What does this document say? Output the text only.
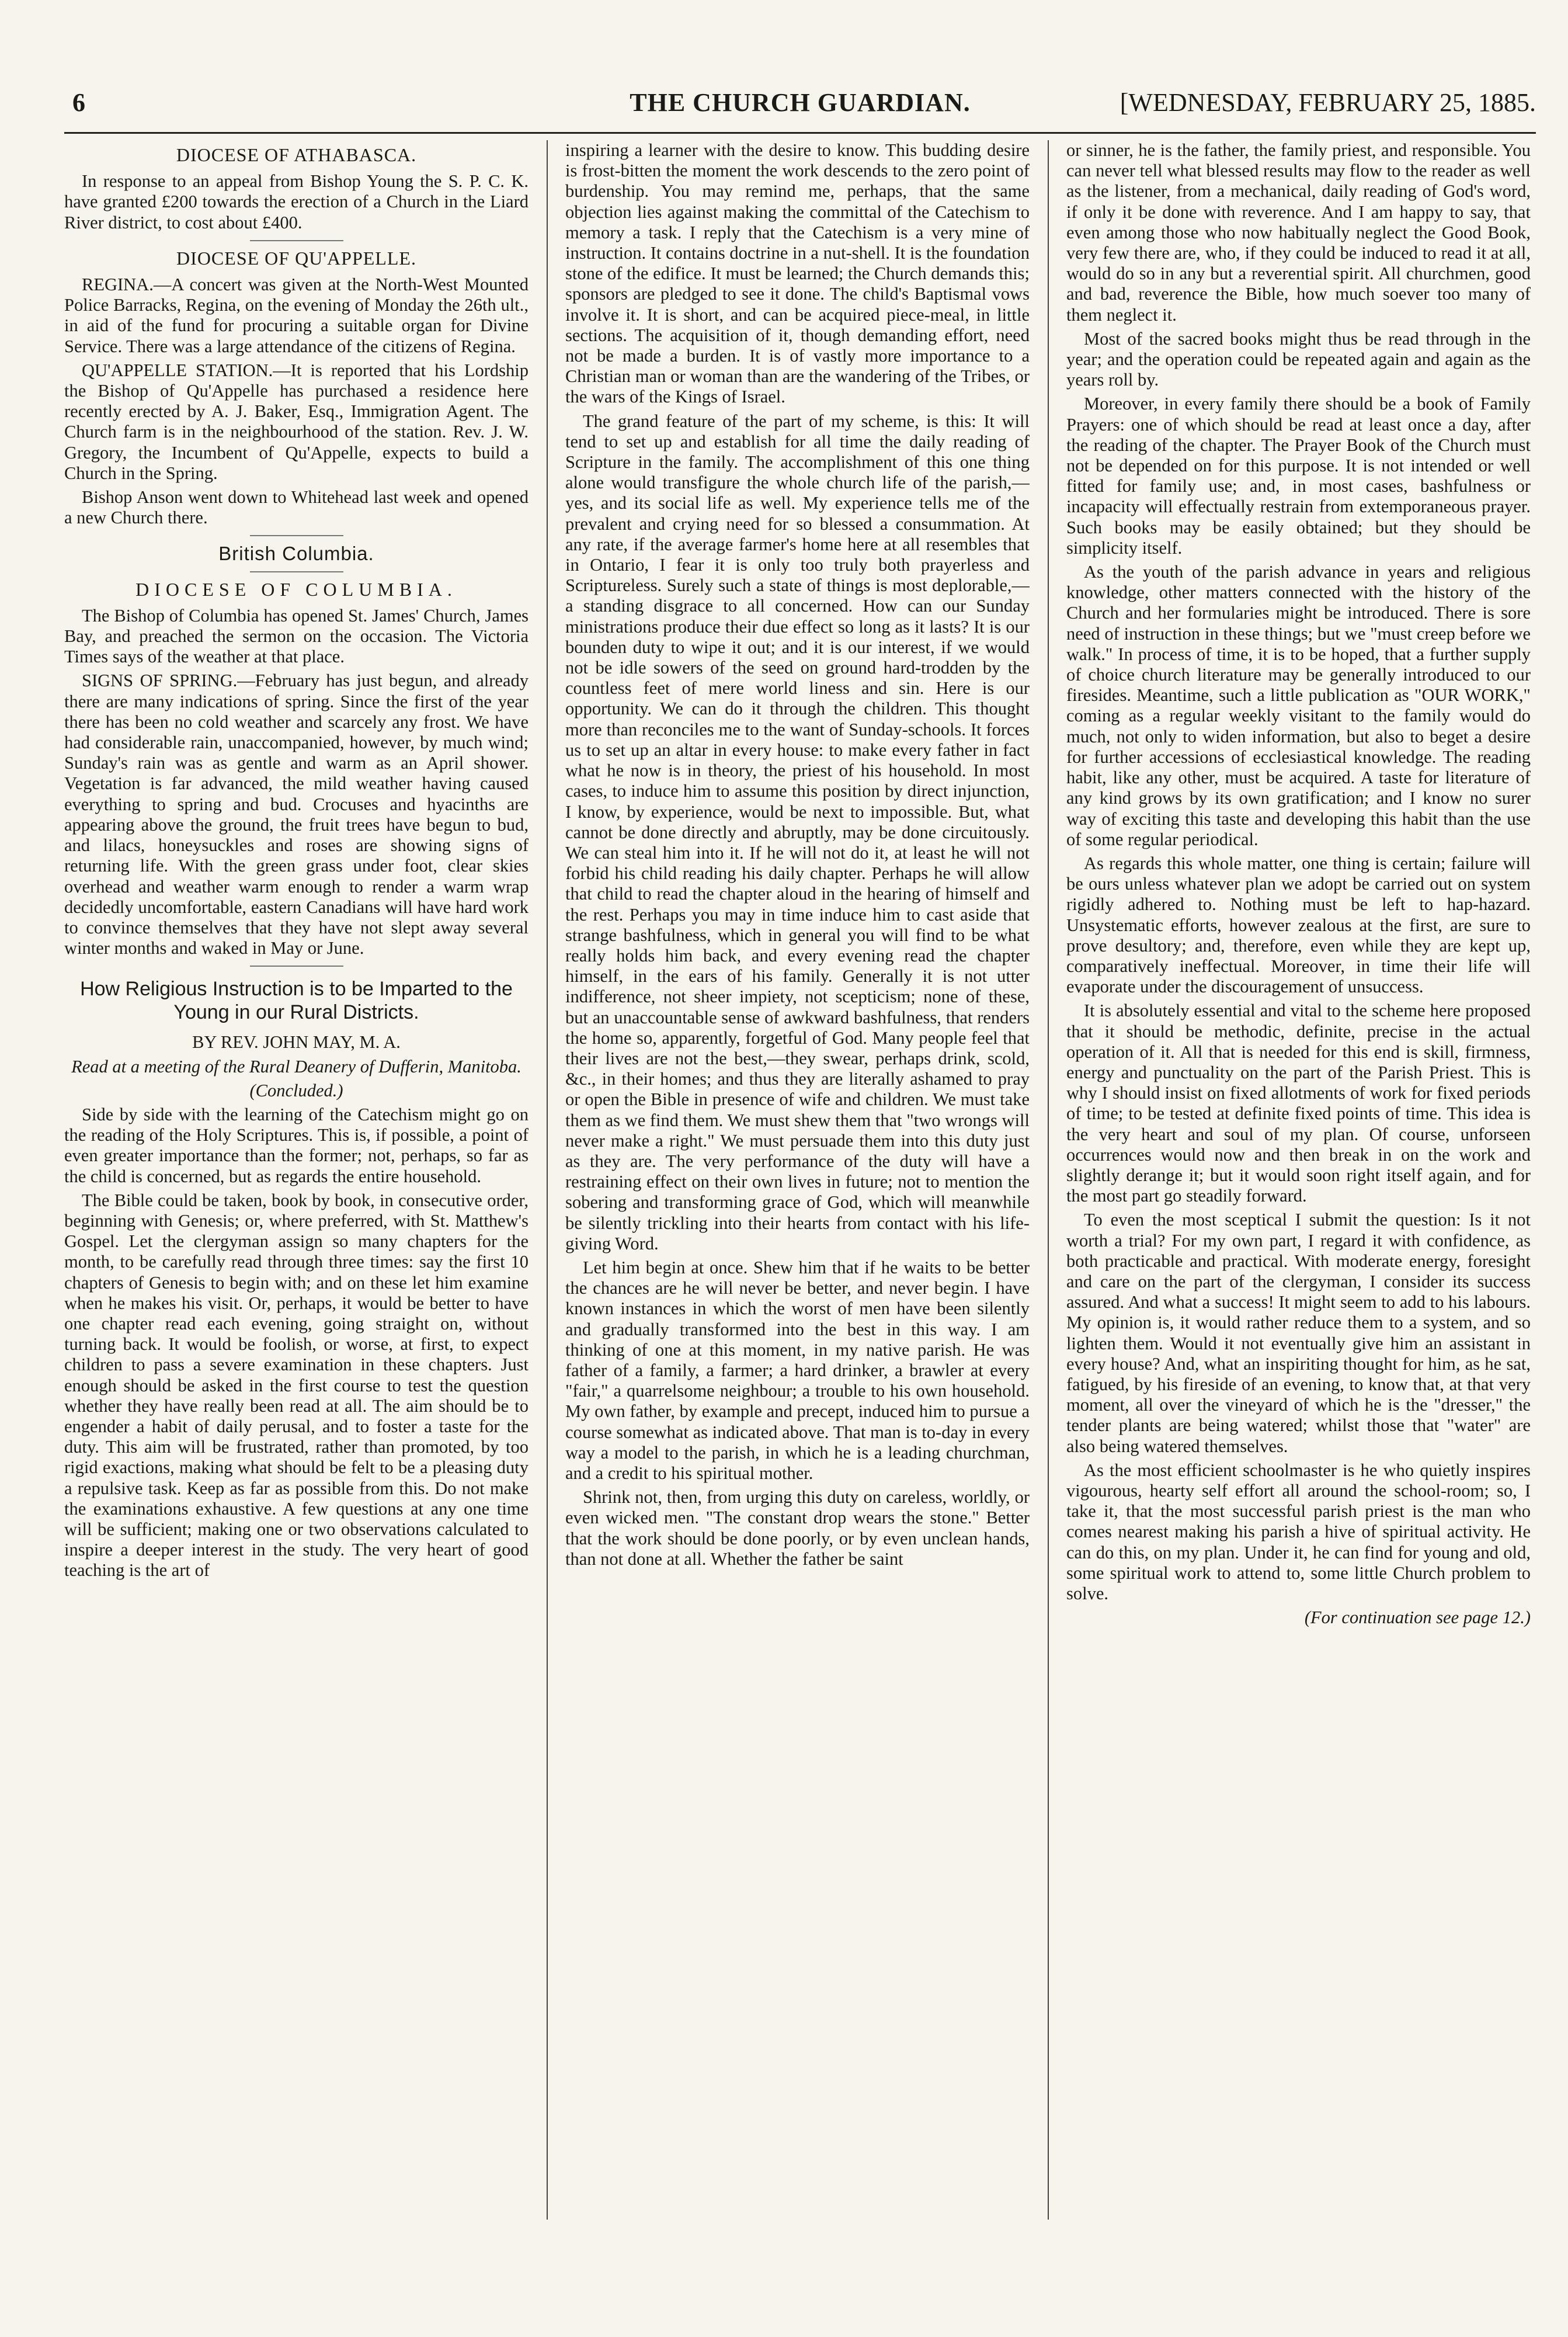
6	THE CHURCH GUARDIAN.	[WEDNESDAY, FEBRUARY 25, 1885.
DIOCESE OF ATHABASCA.

In response to an appeal from Bishop Young the S. P. C. K. have granted £200 towards the erection of a Church in the Liard River district, to cost about £400.

DIOCESE OF QU'APPELLE.

REGINA.—A concert was given at the North-West Mounted Police Barracks, Regina, on the evening of Monday the 26th ult., in aid of the fund for procuring a suitable organ for Divine Service. There was a large attendance of the citizens of Regina.

QU'APPELLE STATION.—It is reported that his Lordship the Bishop of Qu'Appelle has purchased a residence here recently erected by A. J. Baker, Esq., Immigration Agent. The Church farm is in the neighbourhood of the station. Rev. J. W. Gregory, the Incumbent of Qu'Appelle, expects to build a Church in the Spring.

Bishop Anson went down to Whitehead last week and opened a new Church there.

British Columbia.
DIOCESE OF COLUMBIA.

The Bishop of Columbia has opened St. James' Church, James Bay, and preached the sermon on the occasion. The Victoria Times says of the weather at that place.

SIGNS OF SPRING.—February has just begun, and already there are many indications of spring. Since the first of the year there has been no cold weather and scarcely any frost. We have had considerable rain, unaccompanied, however, by much wind; Sunday's rain was as gentle and warm as an April shower. Vegetation is far advanced, the mild weather having caused everything to spring and bud. Crocuses and hyacinths are appearing above the ground, the fruit trees have begun to bud, and lilacs, honeysuckles and roses are showing signs of returning life. With the green grass under foot, clear skies overhead and weather warm enough to render a warm wrap decidedly uncomfortable, eastern Canadians will have hard work to convince themselves that they have not slept away several winter months and waked in May or June.

How Religious Instruction is to be Imparted to the Young in our Rural Districts.

BY REV. JOHN MAY, M. A.

Read at a meeting of the Rural Deanery of Dufferin, Manitoba.

(Concluded.)

Side by side with the learning of the Catechism might go on the reading of the Holy Scriptures. This is, if possible, a point of even greater importance than the former; not, perhaps, so far as the child is concerned, but as regards the entire household.

The Bible could be taken, book by book, in consecutive order, beginning with Genesis; or, where preferred, with St. Matthew's Gospel. Let the clergyman assign so many chapters for the month, to be carefully read through three times: say the first 10 chapters of Genesis to begin with; and on these let him examine when he makes his visit. Or, perhaps, it would be better to have one chapter read each evening, going straight on, without turning back. It would be foolish, or worse, at first, to expect children to pass a severe examination in these chapters. Just enough should be asked in the first course to test the question whether they have really been read at all. The aim should be to engender a habit of daily perusal, and to foster a taste for the duty. This aim will be frustrated, rather than promoted, by too rigid exactions, making what should be felt to be a pleasing duty a repulsive task. Keep as far as possible from this. Do not make the examinations exhaustive. A few questions at any one time will be sufficient; making one or two observations calculated to inspire a deeper interest in the study. The very heart of good teaching is the art of

inspiring a learner with the desire to know. This budding desire is frost-bitten the moment the work descends to the zero point of burdenship. You may remind me, perhaps, that the same objection lies against making the committal of the Catechism to memory a task. I reply that the Catechism is a very mine of instruction. It contains doctrine in a nut-shell. It is the foundation stone of the edifice. It must be learned; the Church demands this; sponsors are pledged to see it done. The child's Baptismal vows involve it. It is short, and can be acquired piece-meal, in little sections. The acquisition of it, though demanding effort, need not be made a burden. It is of vastly more importance to a Christian man or woman than are the wandering of the Tribes, or the wars of the Kings of Israel.

The grand feature of the part of my scheme, is this: It will tend to set up and establish for all time the daily reading of Scripture in the family. The accomplishment of this one thing alone would transfigure the whole church life of the parish,—yes, and its social life as well. My experience tells me of the prevalent and crying need for so blessed a consummation. At any rate, if the average farmer's home here at all resembles that in Ontario, I fear it is only too truly both prayerless and Scriptureless. Surely such a state of things is most deplorable,—a standing disgrace to all concerned. How can our Sunday ministrations produce their due effect so long as it lasts? It is our bounden duty to wipe it out; and it is our interest, if we would not be idle sowers of the seed on ground hard-trodden by the countless feet of mere world liness and sin. Here is our opportunity. We can do it through the children. This thought more than reconciles me to the want of Sunday-schools. It forces us to set up an altar in every house: to make every father in fact what he now is in theory, the priest of his household. In most cases, to induce him to assume this position by direct injunction, I know, by experience, would be next to impossible. But, what cannot be done directly and abruptly, may be done circuitously. We can steal him into it. If he will not do it, at least he will not forbid his child reading his daily chapter. Perhaps he will allow that child to read the chapter aloud in the hearing of himself and the rest. Perhaps you may in time induce him to cast aside that strange bashfulness, which in general you will find to be what really holds him back, and every evening read the chapter himself, in the ears of his family. Generally it is not utter indifference, not sheer impiety, not scepticism; none of these, but an unaccountable sense of awkward bashfulness, that renders the home so, apparently, forgetful of God. Many people feel that their lives are not the best,—they swear, perhaps drink, scold, &c., in their homes; and thus they are literally ashamed to pray or open the Bible in presence of wife and children. We must take them as we find them. We must shew them that "two wrongs will never make a right." We must persuade them into this duty just as they are. The very performance of the duty will have a restraining effect on their own lives in future; not to mention the sobering and transforming grace of God, which will meanwhile be silently trickling into their hearts from contact with his life-giving Word.

Let him begin at once. Shew him that if he waits to be better the chances are he will never be better, and never begin. I have known instances in which the worst of men have been silently and gradually transformed into the best in this way. I am thinking of one at this moment, in my native parish. He was father of a family, a farmer; a hard drinker, a brawler at every "fair," a quarrelsome neighbour; a trouble to his own household. My own father, by example and precept, induced him to pursue a course somewhat as indicated above. That man is to-day in every way a model to the parish, in which he is a leading churchman, and a credit to his spiritual mother.

Shrink not, then, from urging this duty on careless, worldly, or even wicked men. "The constant drop wears the stone." Better that the work should be done poorly, or by even unclean hands, than not done at all. Whether the father be saint

or sinner, he is the father, the family priest, and responsible. You can never tell what blessed results may flow to the reader as well as the listener, from a mechanical, daily reading of God's word, if only it be done with reverence. And I am happy to say, that even among those who now habitually neglect the Good Book, very few there are, who, if they could be induced to read it at all, would do so in any but a reverential spirit. All churchmen, good and bad, reverence the Bible, how much soever too many of them neglect it.

Most of the sacred books might thus be read through in the year; and the operation could be repeated again and again as the years roll by.

Moreover, in every family there should be a book of Family Prayers: one of which should be read at least once a day, after the reading of the chapter. The Prayer Book of the Church must not be depended on for this purpose. It is not intended or well fitted for family use; and, in most cases, bashfulness or incapacity will effectually restrain from extemporaneous prayer. Such books may be easily obtained; but they should be simplicity itself.

As the youth of the parish advance in years and religious knowledge, other matters connected with the history of the Church and her formularies might be introduced. There is sore need of instruction in these things; but we "must creep before we walk." In process of time, it is to be hoped, that a further supply of choice church literature may be generally introduced to our firesides. Meantime, such a little publication as "OUR WORK," coming as a regular weekly visitant to the family would do much, not only to widen information, but also to beget a desire for further accessions of ecclesiastical knowledge. The reading habit, like any other, must be acquired. A taste for literature of any kind grows by its own gratification; and I know no surer way of exciting this taste and developing this habit than the use of some regular periodical.

As regards this whole matter, one thing is certain; failure will be ours unless whatever plan we adopt be carried out on system rigidly adhered to. Nothing must be left to hap-hazard. Unsystematic efforts, however zealous at the first, are sure to prove desultory; and, therefore, even while they are kept up, comparatively ineffectual. Moreover, in time their life will evaporate under the discouragement of unsuccess.

It is absolutely essential and vital to the scheme here proposed that it should be methodic, definite, precise in the actual operation of it. All that is needed for this end is skill, firmness, energy and punctuality on the part of the Parish Priest. This is why I should insist on fixed allotments of work for fixed periods of time; to be tested at definite fixed points of time. This idea is the very heart and soul of my plan. Of course, unforseen occurrences would now and then break in on the work and slightly derange it; but it would soon right itself again, and for the most part go steadily forward.

To even the most sceptical I submit the question: Is it not worth a trial? For my own part, I regard it with confidence, as both practicable and practical. With moderate energy, foresight and care on the part of the clergyman, I consider its success assured. And what a success! It might seem to add to his labours. My opinion is, it would rather reduce them to a system, and so lighten them. Would it not eventually give him an assistant in every house? And, what an inspiriting thought for him, as he sat, fatigued, by his fireside of an evening, to know that, at that very moment, all over the vineyard of which he is the "dresser," the tender plants are being watered; whilst those that "water" are also being watered themselves.

As the most efficient schoolmaster is he who quietly inspires vigourous, hearty self effort all around the school-room; so, I take it, that the most successful parish priest is the man who comes nearest making his parish a hive of spiritual activity. He can do this, on my plan. Under it, he can find for young and old, some spiritual work to attend to, some little Church problem to solve.

(For continuation see page 12.)
